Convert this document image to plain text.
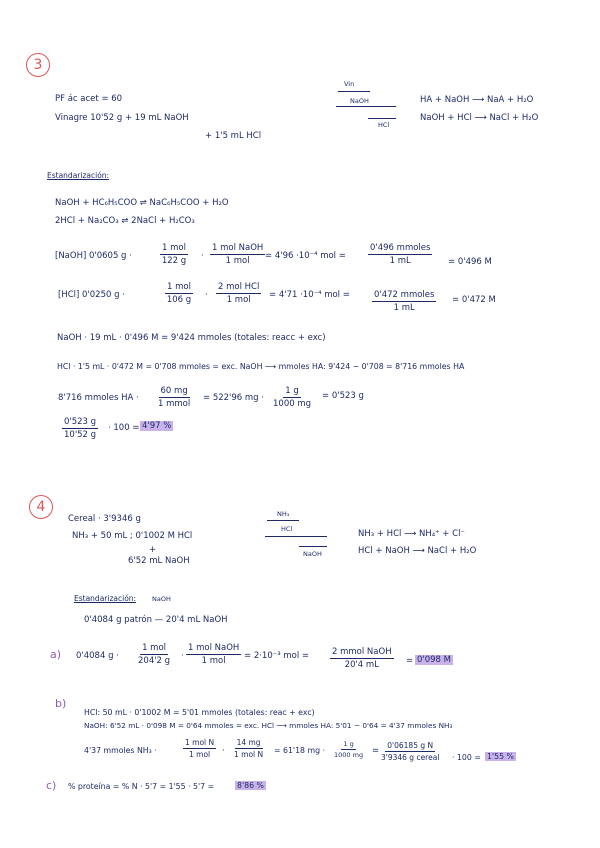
3
PF ác acet = 60
Vinagre 10'52 g + 19 mL NaOH
+ 1'5 mL HCl
Vin
NaOH
HCl
HA + NaOH ⟶ NaA + H₂O
NaOH + HCl ⟶ NaCl + H₂O
Estandarización:
NaOH + HC₆H₅COO ⇌ NaC₆H₅COO + H₂O
2HCl + Na₂CO₃ ⇌ 2NaCl + H₂CO₃
[NaOH] 0'0605 g ·
1 mol
122 g ·
1 mol NaOH
1 mol = 4'96 ·10⁻⁴ mol =
0'496 mmoles
1 mL	= 0'496 M
[HCl] 0'0250 g ·
1 mol
106 g ·
2 mol HCl
1 mol = 4'71 ·10⁻⁴ mol =	0'472 mmoles
1 mL
= 0'472 M
NaOH · 19 mL · 0'496 M = 9'424 mmoles (totales: reacc + exc)
HCl · 1'5 mL · 0'472 M = 0'708 mmoles = exc. NaOH ⟶ mmoles HA: 9'424 − 0'708 = 8'716 mmoles HA
8'716 mmoles HA ·
60 mg
1 mmol
= 522'96 mg · $\frac{1 g}{1000 mg} = 0'523$ g
$\frac{0'523 g}{10'52 g} \cdot 100 = 4'97$ %
4
Cereal · 3'9346 g
NH₃ + 50 mL ; 0'1002 M HCl
+
6'52 mL NaOH
NH₃
HCl
NaOH
NH₃ + HCl ⟶ NH₄⁺ + Cl⁻
HCl + NaOH ⟶ NaCl + H₂O
Estandarización: NaOH
0'4084 g patrón — 20'4 mL NaOH
a) 0'4084 g ·
1 mol
204'2 g ·
1 mol NaOH
1 mol = 2·10⁻³ mol =	2 mmol NaOH
20'4 mL	= 0'098 M
b)
HCl: 50 mL · 0'1002 M = 5'01 mmoles (totales: reac + exc)
NaOH: 6'52 mL · 0'098 M = 0'64 mmoles = exc. HCl ⟶ mmoles HA: 5'01 − 0'64 = 4'37 mmoles NH₃
4'37 mmoles NH₃ ·
1 mol N
1 mol ·
14 mg
1 mol N = 61'18 mg · $\frac{1 g}{1000 mg}$ =
0'06185 g N
3'9346 g cereal · 100 = 1'55 %
c) % proteína = % N · 5'7 = 1'55 · 5'7 =	8'86 %
